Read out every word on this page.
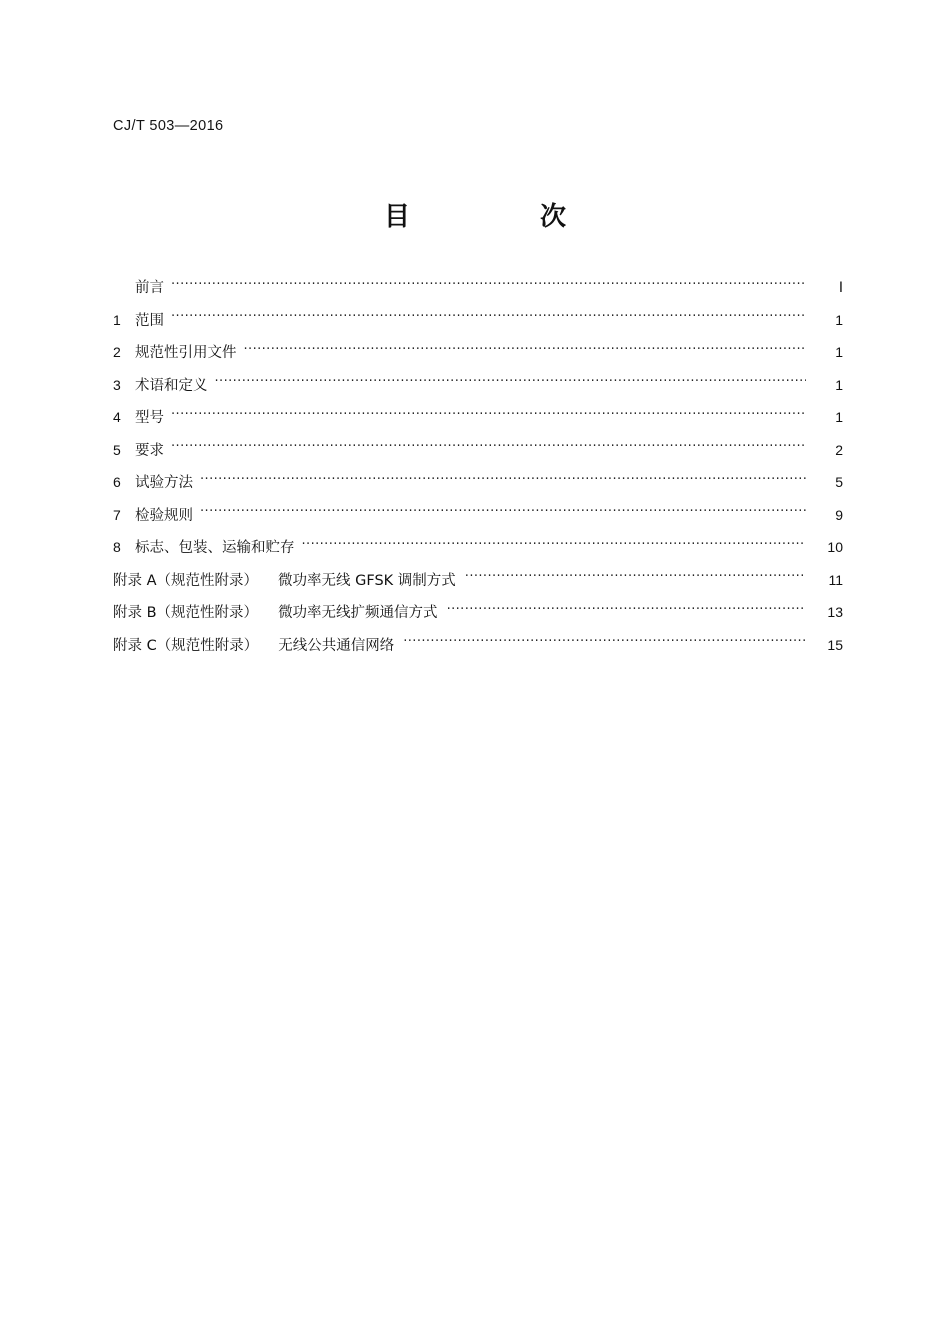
CJ/T 503—2016
目　　次
前言 ·····	Ⅰ
1 范围 ·····	1
2 规范性引用文件 ·····	1
3 术语和定义 ·····	1
4 型号 ·····	1
5 要求 ·····	2
6 试验方法 ·····	5
7 检验规则 ·····	9
8 标志、包装、运输和贮存 ·····	10
附录 A（规范性附录）	微功率无线 GFSK 调制方式 ·····	11
附录 B（规范性附录）	微功率无线扩频通信方式 ·····	13
附录 C（规范性附录）	无线公共通信网络 ·····	15
